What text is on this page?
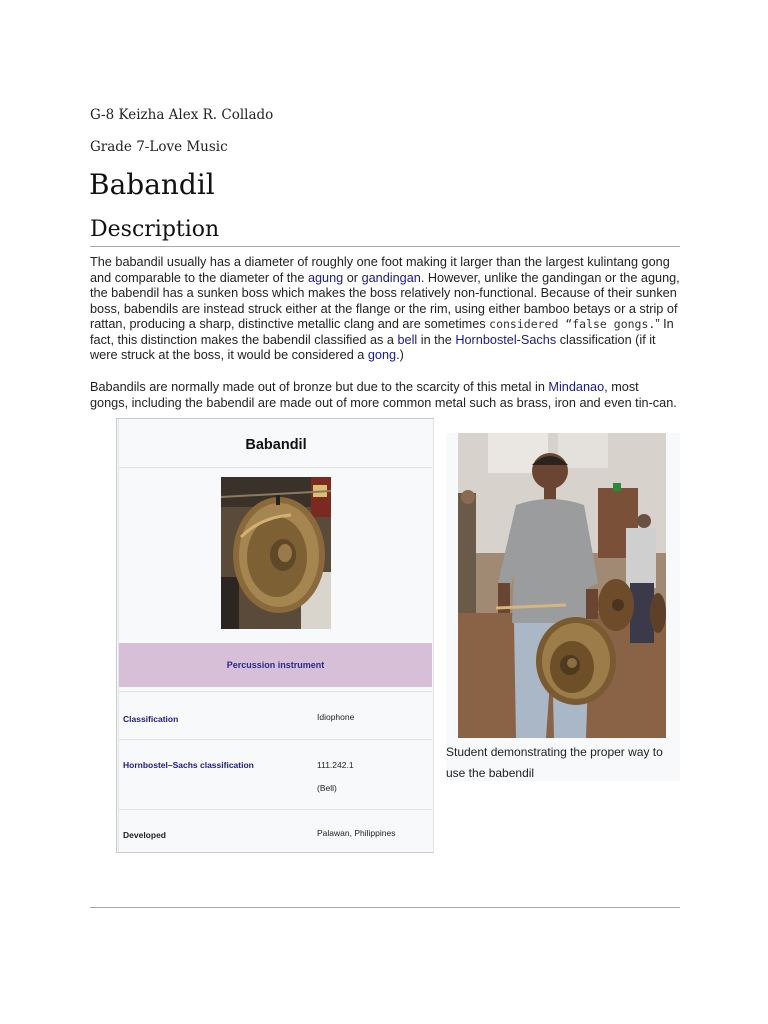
G-8 Keizha Alex R. Collado
Grade 7-Love Music
Babandil
Description

The babandil usually has a diameter of roughly one foot making it larger than the largest kulintang gong and comparable to the diameter of the agung or gandingan. However, unlike the gandingan or the agung, the babendil has a sunken boss which makes the boss relatively non-functional. Because of their sunken boss, babendils are instead struck either at the flange or the rim, using either bamboo betays or a strip of rattan, producing a sharp, distinctive metallic clang and are sometimes considered “false gongs.” In fact, this distinction makes the babendil classified as a bell in the Hornbostel-Sachs classification (if it were struck at the boss, it would be considered a gong.)

Babandils are normally made out of bronze but due to the scarcity of this metal in Mindanao, most gongs, including the babendil are made out of more common metal such as brass, iron and even tin-can.

Babandil
Percussion instrument
Classification	Idiophone
Hornbostel–Sachs classification	111.242.1
(Bell)
Developed	Palawan, Philippines
Student demonstrating the proper way to use the babendil
